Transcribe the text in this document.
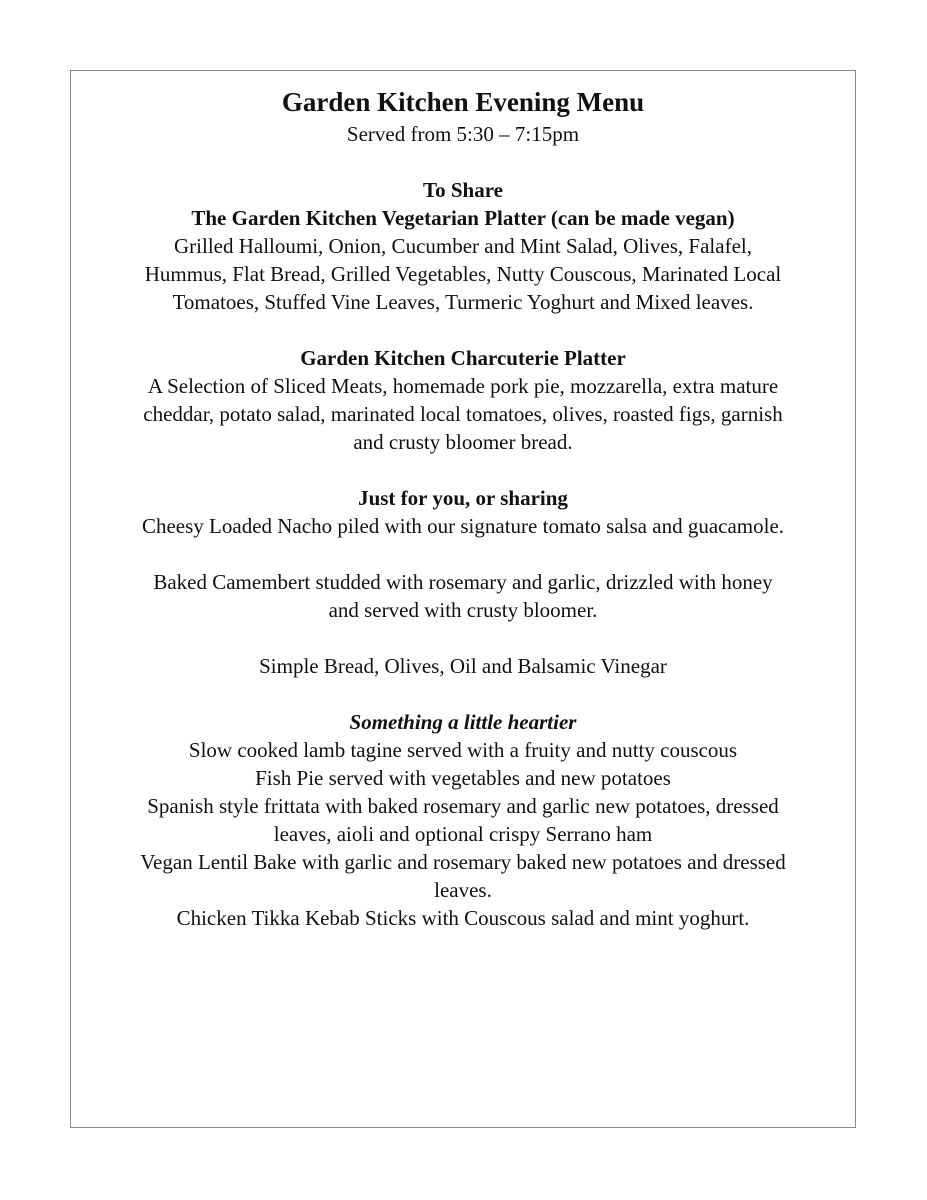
Garden Kitchen Evening Menu

Served from 5:30 – 7:15pm

To Share

The Garden Kitchen Vegetarian Platter (can be made vegan)

Grilled Halloumi, Onion, Cucumber and Mint Salad, Olives, Falafel,

Hummus, Flat Bread, Grilled Vegetables, Nutty Couscous, Marinated Local

Tomatoes, Stuffed Vine Leaves, Turmeric Yoghurt and Mixed leaves.

Garden Kitchen Charcuterie Platter

A Selection of Sliced Meats, homemade pork pie, mozzarella, extra mature

cheddar, potato salad, marinated local tomatoes, olives, roasted figs, garnish

and crusty bloomer bread.

Just for you, or sharing

Cheesy Loaded Nacho piled with our signature tomato salsa and guacamole.

Baked Camembert studded with rosemary and garlic, drizzled with honey

and served with crusty bloomer.

Simple Bread, Olives, Oil and Balsamic Vinegar

Something a little heartier

Slow cooked lamb tagine served with a fruity and nutty couscous

Fish Pie served with vegetables and new potatoes

Spanish style frittata with baked rosemary and garlic new potatoes, dressed

leaves, aioli and optional crispy Serrano ham

Vegan Lentil Bake with garlic and rosemary baked new potatoes and dressed

leaves.

Chicken Tikka Kebab Sticks with Couscous salad and mint yoghurt.
